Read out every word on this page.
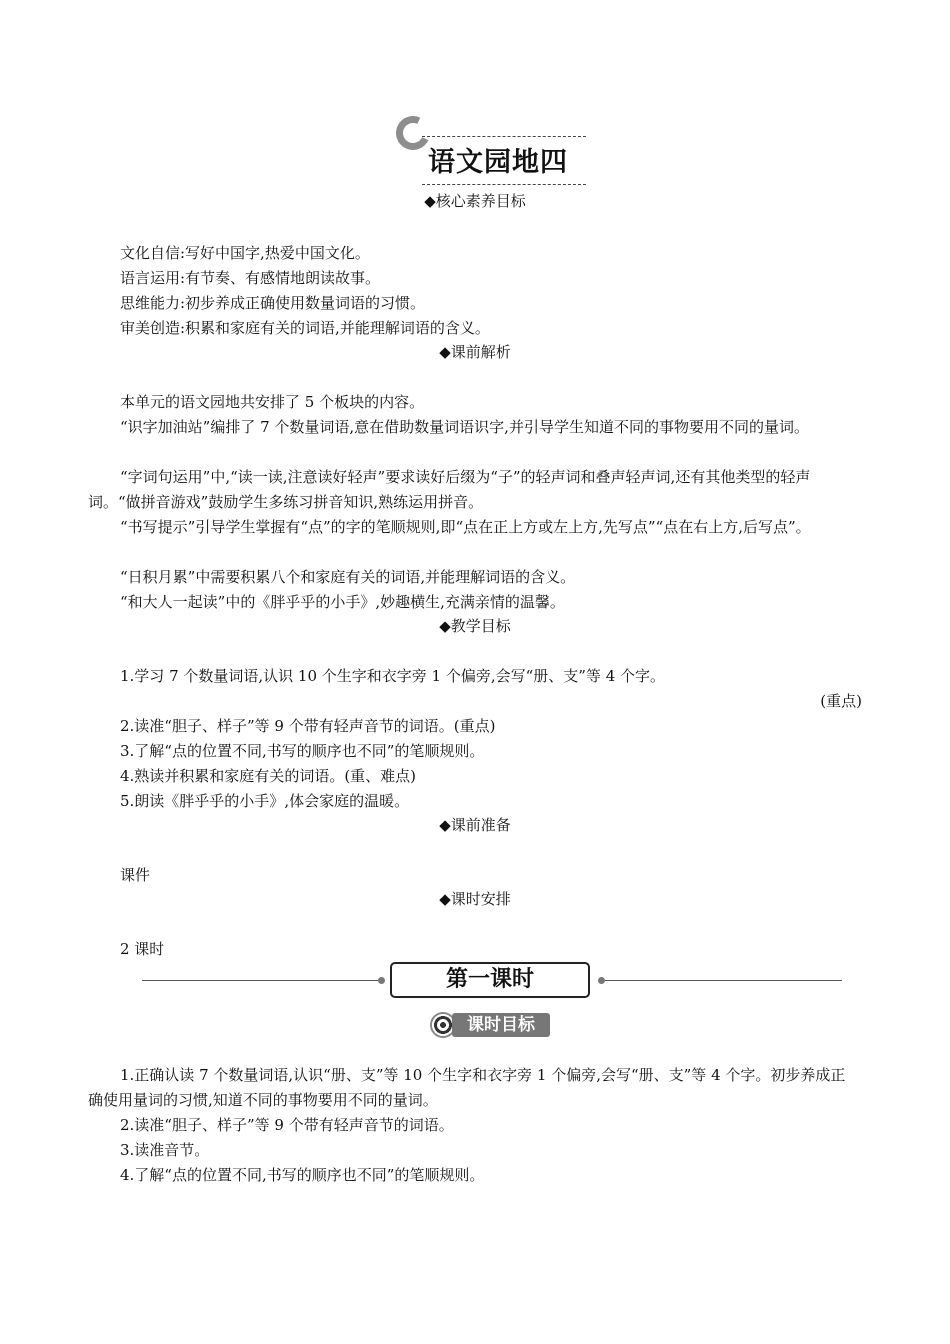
语文园地四
◆核心素养目标

文化自信:写好中国字,热爱中国文化。

语言运用:有节奏、有感情地朗读故事。

思维能力:初步养成正确使用数量词语的习惯。

审美创造:积累和家庭有关的词语,并能理解词语的含义。

◆课前解析

本单元的语文园地共安排了 5 个板块的内容。

“识字加油站”编排了 7 个数量词语,意在借助数量词语识字,并引导学生知道不同的事物要用不同的量词。

“字词句运用”中,“读一读,注意读好轻声”要求读好后缀为“子”的轻声词和叠声轻声词,还有其他类型的轻声词。“做拼音游戏”鼓励学生多练习拼音知识,熟练运用拼音。

“书写提示”引导学生掌握有“点”的字的笔顺规则,即“点在正上方或左上方,先写点”“点在右上方,后写点”。

“日积月累”中需要积累八个和家庭有关的词语,并能理解词语的含义。

“和大人一起读”中的《胖乎乎的小手》,妙趣横生,充满亲情的温馨。

◆教学目标

1.学习 7 个数量词语,认识 10 个生字和衣字旁 1 个偏旁,会写“册、支”等 4 个字。

(重点)

2.读准“胆子、样子”等 9 个带有轻声音节的词语。(重点)

3.了解“点的位置不同,书写的顺序也不同”的笔顺规则。

4.熟读并积累和家庭有关的词语。(重、难点)

5.朗读《胖乎乎的小手》,体会家庭的温暖。

◆课前准备

课件

◆课时安排

2 课时

第一课时
课时目标

1.正确认读 7 个数量词语,认识“册、支”等 10 个生字和衣字旁 1 个偏旁,会写“册、支”等 4 个字。初步养成正确使用量词的习惯,知道不同的事物要用不同的量词。

2.读准“胆子、样子”等 9 个带有轻声音节的词语。

3.读准音节。

4.了解“点的位置不同,书写的顺序也不同”的笔顺规则。
